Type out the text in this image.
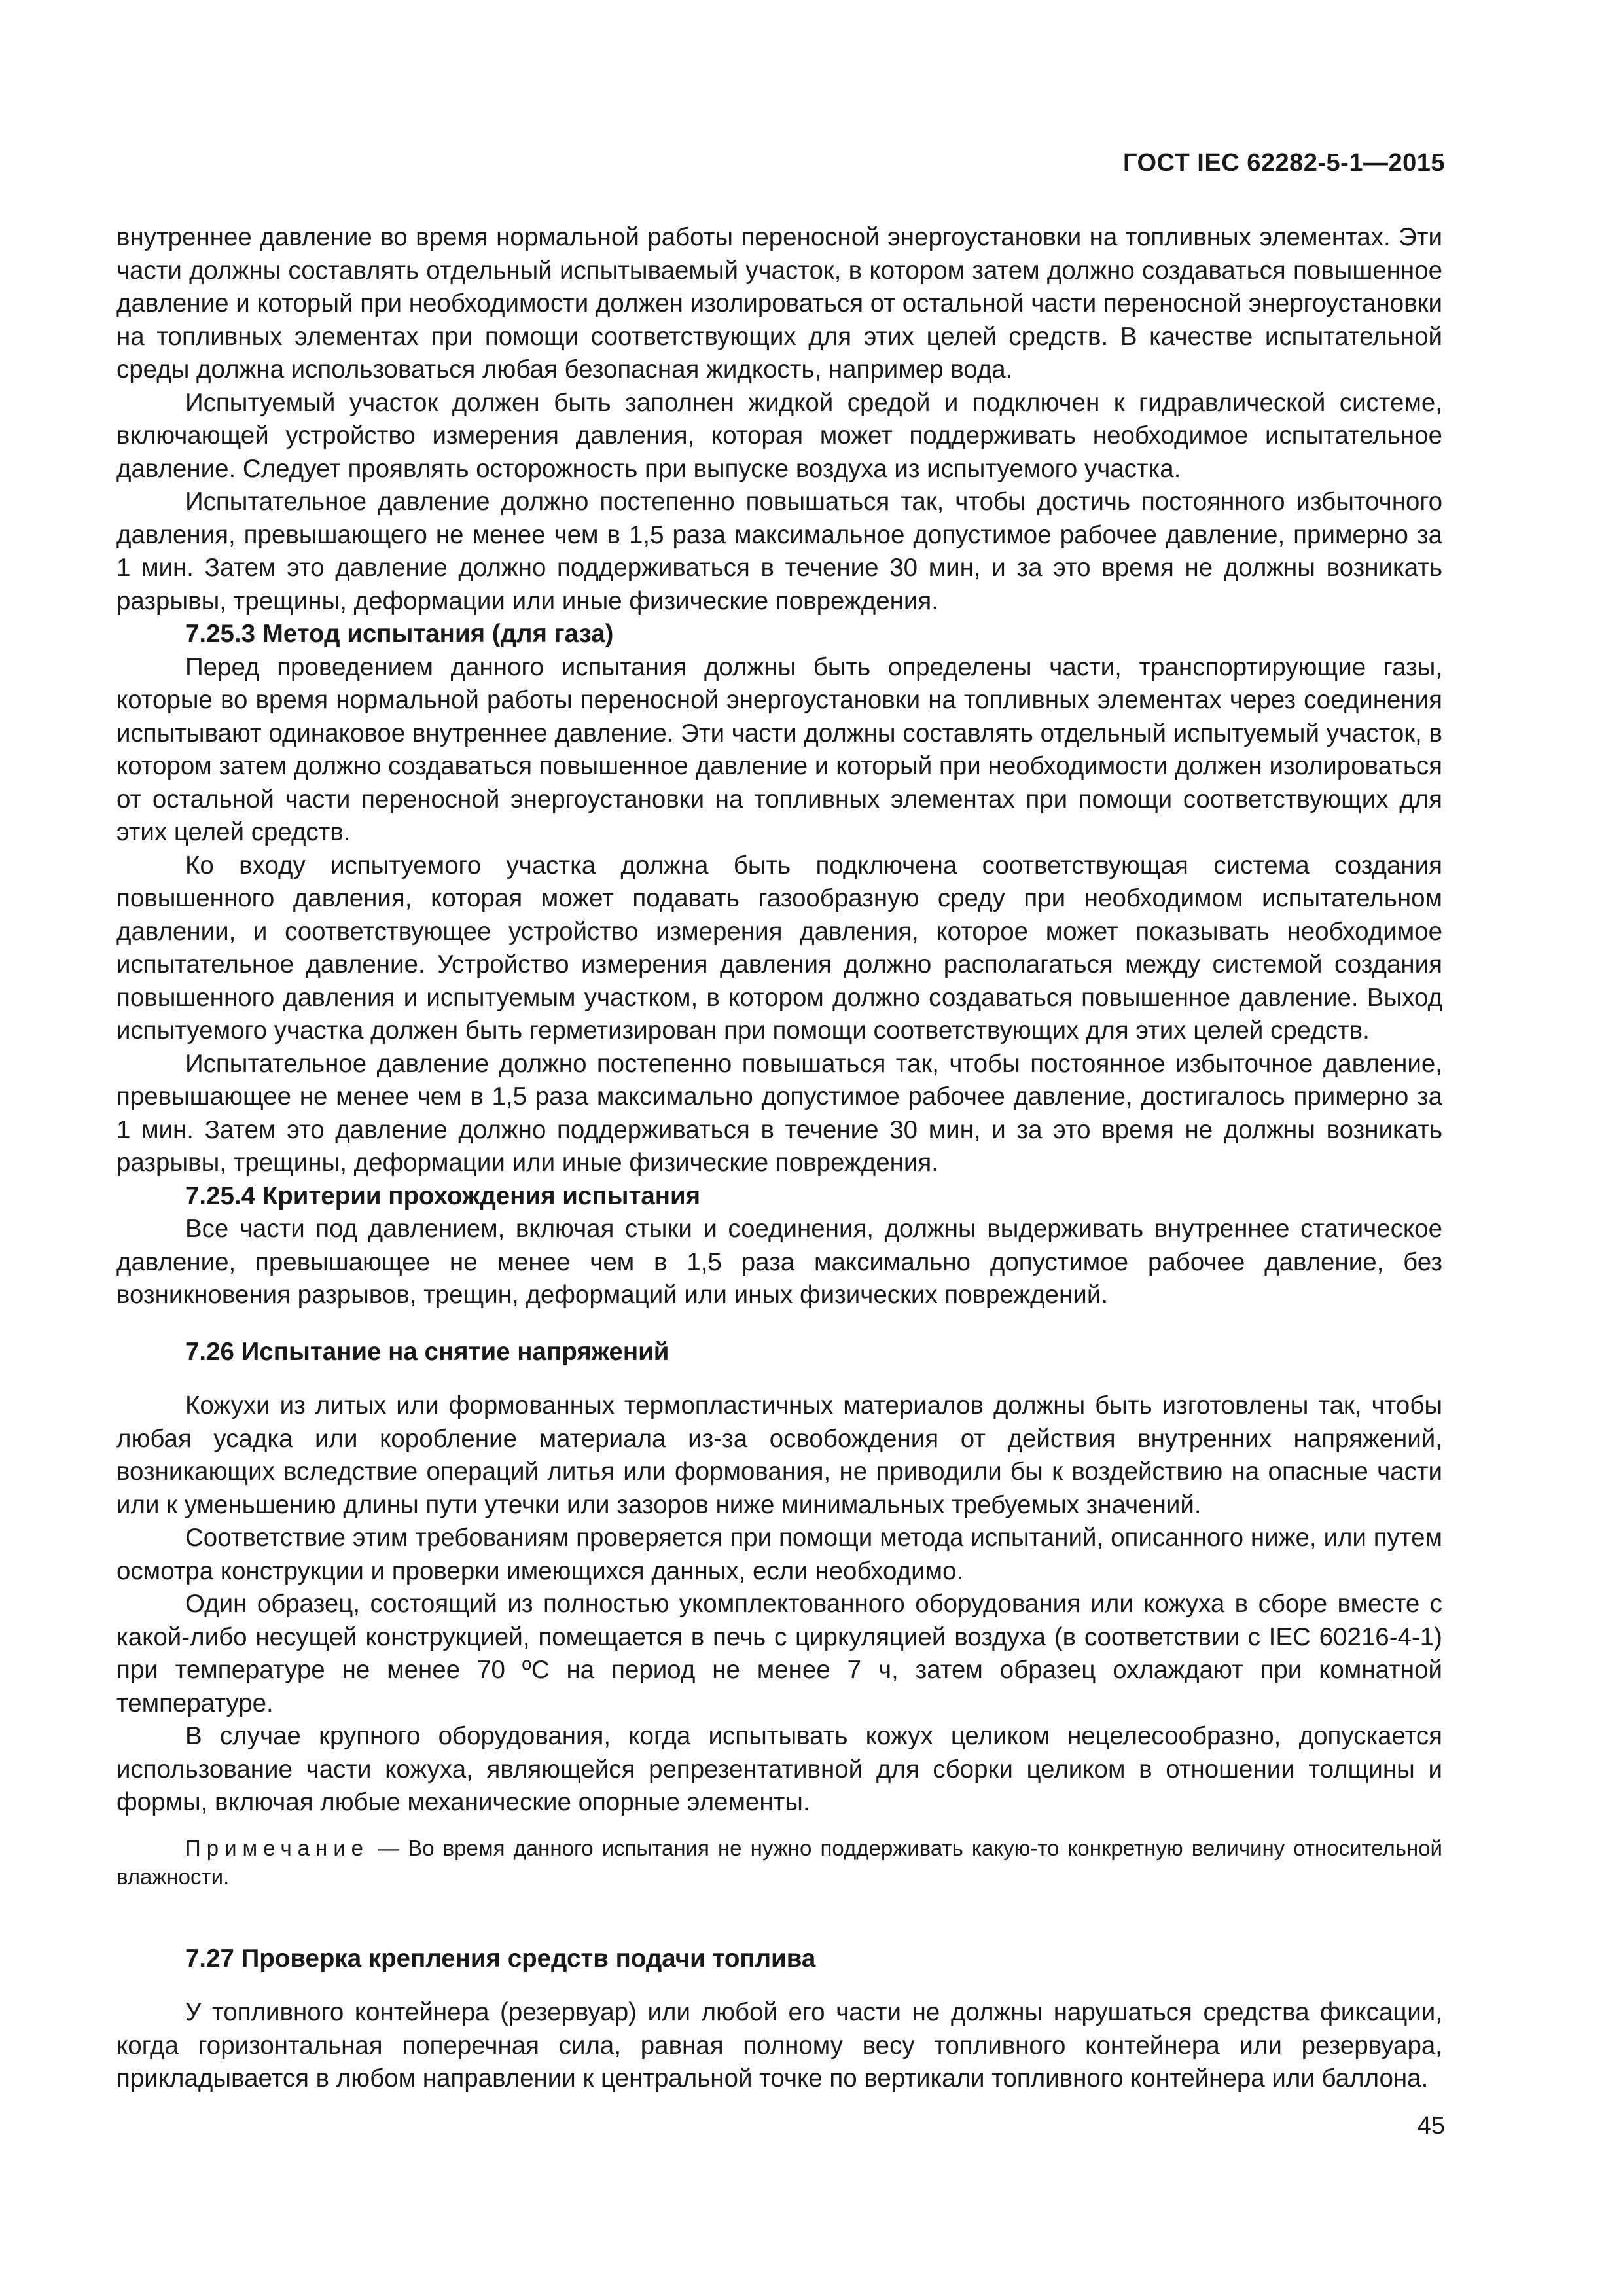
ГОСТ IEC 62282-5-1—2015

внутреннее давление во время нормальной работы переносной энергоустановки на топливных элементах. Эти части должны составлять отдельный испытываемый участок, в котором затем должно создаваться повышенное давление и который при необходимости должен изолироваться от остальной части переносной энергоустановки на топливных элементах при помощи соответствующих для этих целей средств. В качестве испытательной среды должна использоваться любая безопасная жидкость, например вода.

Испытуемый участок должен быть заполнен жидкой средой и подключен к гидравлической системе, включающей устройство измерения давления, которая может поддерживать необходимое испытательное давление. Следует проявлять осторожность при выпуске воздуха из испытуемого участка.

Испытательное давление должно постепенно повышаться так, чтобы достичь постоянного избыточного давления, превышающего не менее чем в 1,5 раза максимальное допустимое рабочее давление, примерно за 1 мин. Затем это давление должно поддерживаться в течение 30 мин, и за это время не должны возникать разрывы, трещины, деформации или иные физические повреждения.

7.25.3 Метод испытания (для газа)

Перед проведением данного испытания должны быть определены части, транспортирующие газы, которые во время нормальной работы переносной энергоустановки на топливных элементах через соединения испытывают одинаковое внутреннее давление. Эти части должны составлять отдельный испытуемый участок, в котором затем должно создаваться повышенное давление и который при необходимости должен изолироваться от остальной части переносной энергоустановки на топливных элементах при помощи соответствующих для этих целей средств.

Ко входу испытуемого участка должна быть подключена соответствующая система создания повышенного давления, которая может подавать газообразную среду при необходимом испытательном давлении, и соответствующее устройство измерения давления, которое может показывать необходимое испытательное давление. Устройство измерения давления должно располагаться между системой создания повышенного давления и испытуемым участком, в котором должно создаваться повышенное давление. Выход испытуемого участка должен быть герметизирован при помощи соответствующих для этих целей средств.

Испытательное давление должно постепенно повышаться так, чтобы постоянное избыточное давление, превышающее не менее чем в 1,5 раза максимально допустимое рабочее давление, достигалось примерно за 1 мин. Затем это давление должно поддерживаться в течение 30 мин, и за это время не должны возникать разрывы, трещины, деформации или иные физические повреждения.

7.25.4 Критерии прохождения испытания

Все части под давлением, включая стыки и соединения, должны выдерживать внутреннее статическое давление, превышающее не менее чем в 1,5 раза максимально допустимое рабочее давление, без возникновения разрывов, трещин, деформаций или иных физических повреждений.

7.26 Испытание на снятие напряжений

Кожухи из литых или формованных термопластичных материалов должны быть изготовлены так, чтобы любая усадка или коробление материала из-за освобождения от действия внутренних напряжений, возникающих вследствие операций литья или формования, не приводили бы к воздействию на опасные части или к уменьшению длины пути утечки или зазоров ниже минимальных требуемых значений.

Соответствие этим требованиям проверяется при помощи метода испытаний, описанного ниже, или путем осмотра конструкции и проверки имеющихся данных, если необходимо.

Один образец, состоящий из полностью укомплектованного оборудования или кожуха в сборе вместе с какой-либо несущей конструкцией, помещается в печь с циркуляцией воздуха (в соответствии с IEC 60216-4-1) при температуре не менее 70 ºС на период не менее 7 ч, затем образец охлаждают при комнатной температуре.

В случае крупного оборудования, когда испытывать кожух целиком нецелесообразно, допускается использование части кожуха, являющейся репрезентативной для сборки целиком в отношении толщины и формы, включая любые механические опорные элементы.

Примечание — Во время данного испытания не нужно поддерживать какую-то конкретную величину относительной влажности.

7.27 Проверка крепления средств подачи топлива

У топливного контейнера (резервуар) или любой его части не должны нарушаться средства фиксации, когда горизонтальная поперечная сила, равная полному весу топливного контейнера или резервуара, прикладывается в любом направлении к центральной точке по вертикали топливного контейнера или баллона.

45
